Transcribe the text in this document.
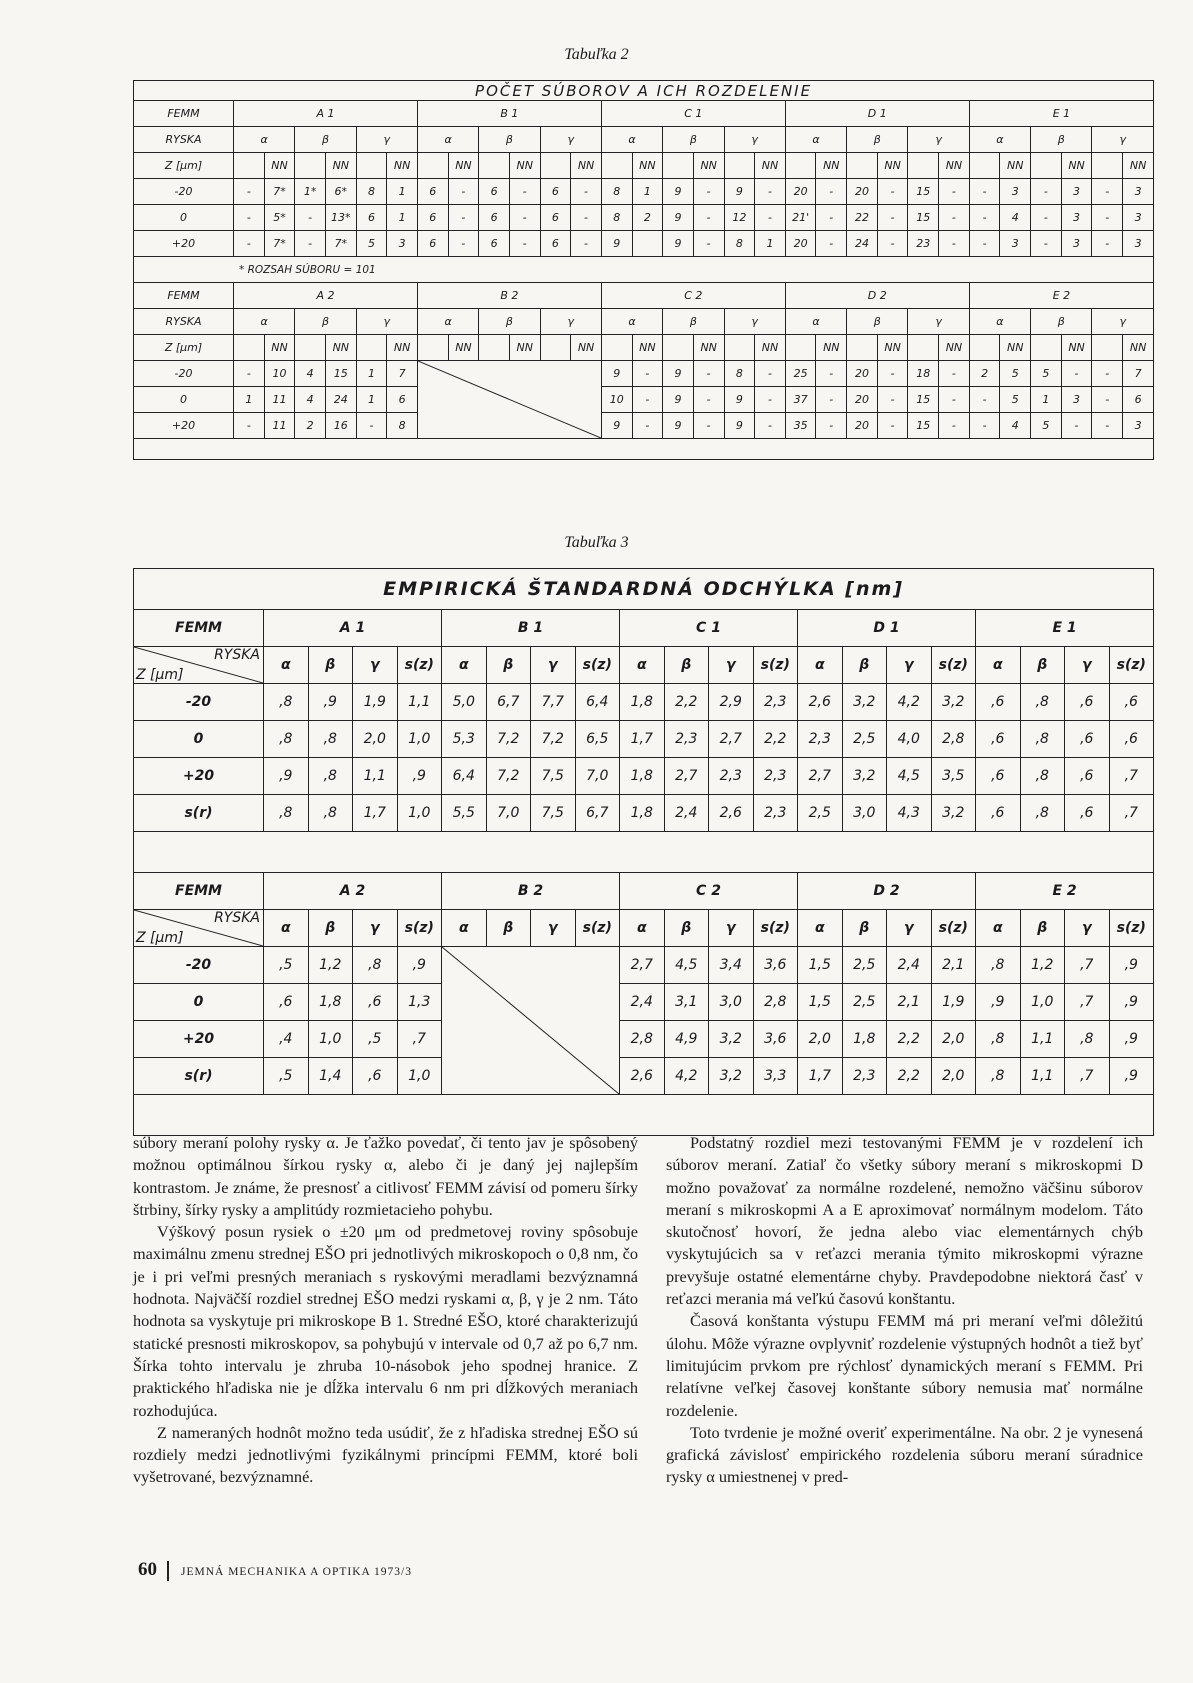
Tabuľka 2
POČET SÚBOROV A ICH ROZDELENIE																														
FEMM	A 1						B 1						C 1						D 1						E 1					
RYSKA	α		β		γ		α		β		γ		α		β		γ		α		β		γ		α		β		γ	
Z [μm]		NN		NN		NN		NN		NN		NN		NN		NN		NN		NN		NN		NN		NN		NN		NN
-20	-	7*	1*	6*	8	1	6	-	6	-	6	-	8	1	9	-	9	-	20	-	20	-	15	-	-	3	-	3	-	3
0	-	5*	-	13*	6	1	6	-	6	-	6	-	8	2	9	-	12	-	21'	-	22	-	15	-	-	4	-	3	-	3
+20	-	7*	-	7*	5	3	6	-	6	-	6	-	9		9	-	8	1	20	-	24	-	23	-	-	3	-	3	-	3
* ROZSAH SÚBORU = 101																														
FEMM	A 2						B 2						C 2						D 2						E 2					
RYSKA	α		β		γ		α		β		γ		α		β		γ		α		β		γ		α		β		γ	
Z [μm]		NN		NN		NN		NN		NN		NN		NN		NN		NN		NN		NN		NN		NN		NN		NN
-20	-	10	4	15	1	7							9	-	9	-	8	-	25	-	20	-	18	-	2	5	5	-	-	7
0	1	11	4	24	1	6							10	-	9	-	9	-	37	-	20	-	15	-	-	5	1	3	-	6
+20	-	11	2	16	-	8							9	-	9	-	9	-	35	-	20	-	15	-	-	4	5	-	-	3

Tabuľka 3
EMPIRICKÁ ŠTANDARDNÁ ODCHÝLKA [nm]																				
FEMM	A 1				B 1				C 1				D 1				E 1			

RYSKA
Z [μm]	α	β	γ	s(z)	α	β	γ	s(z)	α	β	γ	s(z)	α	β	γ	s(z)	α	β	γ	s(z)
-20	,8	,9	1,9	1,1	5,0	6,7	7,7	6,4	1,8	2,2	2,9	2,3	2,6	3,2	4,2	3,2	,6	,8	,6	,6
0	,8	,8	2,0	1,0	5,3	7,2	7,2	6,5	1,7	2,3	2,7	2,2	2,3	2,5	4,0	2,8	,6	,8	,6	,6
+20	,9	,8	1,1	,9	6,4	7,2	7,5	7,0	1,8	2,7	2,3	2,3	2,7	3,2	4,5	3,5	,6	,8	,6	,7
s(r)	,8	,8	1,7	1,0	5,5	7,0	7,5	6,7	1,8	2,4	2,6	2,3	2,5	3,0	4,3	3,2	,6	,8	,6	,7

FEMM	A 2				B 2				C 2				D 2				E 2			

RYSKA
Z [μm]	α	β	γ	s(z)	α	β	γ	s(z)	α	β	γ	s(z)	α	β	γ	s(z)	α	β	γ	s(z)
-20	,5	1,2	,8	,9					2,7	4,5	3,4	3,6	1,5	2,5	2,4	2,1	,8	1,2	,7	,9
0	,6	1,8	,6	1,3					2,4	3,1	3,0	2,8	1,5	2,5	2,1	1,9	,9	1,0	,7	,9
+20	,4	1,0	,5	,7					2,8	4,9	3,2	3,6	2,0	1,8	2,2	2,0	,8	1,1	,8	,9
s(r)	,5	1,4	,6	1,0					2,6	4,2	3,2	3,3	1,7	2,3	2,2	2,0	,8	1,1	,7	,9

súbory meraní polohy rysky α. Je ťažko povedať, či tento jav je spôsobený možnou optimálnou šírkou rysky α, alebo či je daný jej najlepším kontrastom. Je známe, že presnosť a citlivosť FEMM závisí od pomeru šírky štrbiny, šírky rysky a amplitúdy rozmietacieho pohybu.

Výškový posun rysiek o ±20 μm od predmetovej roviny spôsobuje maximálnu zmenu strednej EŠO pri jednotlivých mikroskopoch o 0,8 nm, čo je i pri veľmi presných meraniach s ryskovými meradlami bezvýznamná hodnota. Najväčší rozdiel strednej EŠO medzi ryskami α, β, γ je 2 nm. Táto hodnota sa vyskytuje pri mikroskope B 1. Stredné EŠO, ktoré charakterizujú statické presnosti mikroskopov, sa pohybujú v intervale od 0,7 až po 6,7 nm. Šírka tohto intervalu je zhruba 10-násobok jeho spodnej hranice. Z praktického hľadiska nie je dĺžka intervalu 6 nm pri dĺžkových meraniach rozhodujúca.

Z nameraných hodnôt možno teda usúdiť, že z hľadiska strednej EŠO sú rozdiely medzi jednotlivými fyzikálnymi princípmi FEMM, ktoré boli vyšetrované, bezvýznamné.

Podstatný rozdiel mezi testovanými FEMM je v rozdelení ich súborov meraní. Zatiaľ čo všetky súbory meraní s mikroskopmi D možno považovať za normálne rozdelené, nemožno väčšinu súborov meraní s mikroskopmi A a E aproximovať normálnym modelom. Táto skutočnosť hovorí, že jedna alebo viac elementárnych chýb vyskytujúcich sa v reťazci merania týmito mikroskopmi výrazne prevyšuje ostatné elementárne chyby. Pravdepodobne niektorá časť v reťazci merania má veľkú časovú konštantu.

Časová konštanta výstupu FEMM má pri meraní veľmi dôležitú úlohu. Môže výrazne ovplyvniť rozdelenie výstupných hodnôt a tiež byť limitujúcim prvkom pre rýchlosť dynamických meraní s FEMM. Pri relatívne veľkej časovej konštante súbory nemusia mať normálne rozdelenie.

Toto tvrdenie je možné overiť experimentálne. Na obr. 2 je vynesená grafická závislosť empirického rozdelenia súboru meraní súradnice rysky α umiestnenej v pred-

60 JEMNÁ MECHANIKA A OPTIKA 1973/3
